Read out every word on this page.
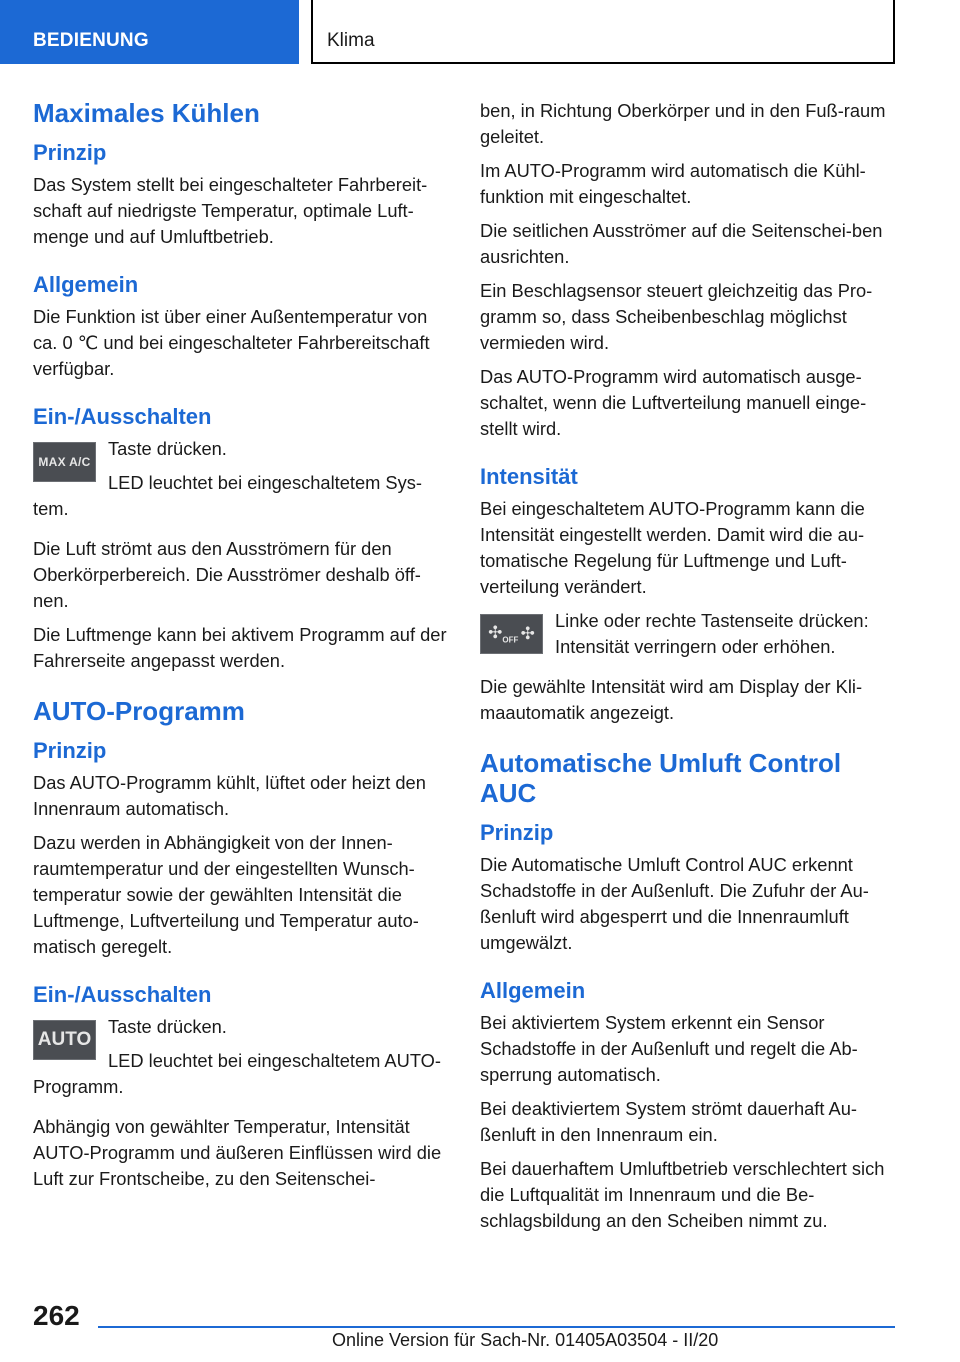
BEDIENUNG	Klima
Maximales Kühlen
Prinzip

Das System stellt bei eingeschalteter Fahrbereit-schaft auf niedrigste Temperatur, optimale Luft-menge und auf Umluftbetrieb.

Allgemein

Die Funktion ist über einer Außentemperatur von ca. 0 ℃ und bei eingeschalteter Fahrbereitschaft verfügbar.

Ein-/Ausschalten
MAX A/C

Taste drücken.

LED leuchtet bei eingeschaltetem Sys-tem.

Die Luft strömt aus den Ausströmern für den Oberkörperbereich. Die Ausströmer deshalb öff-nen.

Die Luftmenge kann bei aktivem Programm auf der Fahrerseite angepasst werden.

AUTO-Programm
Prinzip

Das AUTO-Programm kühlt, lüftet oder heizt den Innenraum automatisch.

Dazu werden in Abhängigkeit von der Innen-raumtemperatur und der eingestellten Wunsch-temperatur sowie der gewählten Intensität die Luftmenge, Luftverteilung und Temperatur auto-matisch geregelt.

Ein-/Ausschalten
AUTO

Taste drücken.

LED leuchtet bei eingeschaltetem AUTO-Programm.

Abhängig von gewählter Temperatur, Intensität AUTO-Programm und äußeren Einflüssen wird die Luft zur Frontscheibe, zu den Seitenschei-

ben, in Richtung Oberkörper und in den Fuß-raum geleitet.

Im AUTO-Programm wird automatisch die Kühl-funktion mit eingeschaltet.

Die seitlichen Ausströmer auf die Seitenschei-ben ausrichten.

Ein Beschlagsensor steuert gleichzeitig das Pro-gramm so, dass Scheibenbeschlag möglichst vermieden wird.

Das AUTO-Programm wird automatisch ausge-schaltet, wenn die Luftverteilung manuell einge-stellt wird.

Intensität

Bei eingeschaltetem AUTO-Programm kann die Intensität eingestellt werden. Damit wird die au-tomatische Regelung für Luftmenge und Luft-verteilung verändert.

$✣_{OFF}$ ✣

Linke oder rechte Tastenseite drücken: Intensität verringern oder erhöhen.

Die gewählte Intensität wird am Display der Kli-maautomatik angezeigt.

Automatische Umluft Control AUC
Prinzip

Die Automatische Umluft Control AUC erkennt Schadstoffe in der Außenluft. Die Zufuhr der Au-ßenluft wird abgesperrt und die Innenraumluft umgewälzt.

Allgemein

Bei aktiviertem System erkennt ein Sensor Schadstoffe in der Außenluft und regelt die Ab-sperrung automatisch.

Bei deaktiviertem System strömt dauerhaft Au-ßenluft in den Innenraum ein.

Bei dauerhaftem Umluftbetrieb verschlechtert sich die Luftqualität im Innenraum und die Be-schlagsbildung an den Scheiben nimmt zu.

262
Online Version für Sach-Nr. 01405A03504 - II/20
